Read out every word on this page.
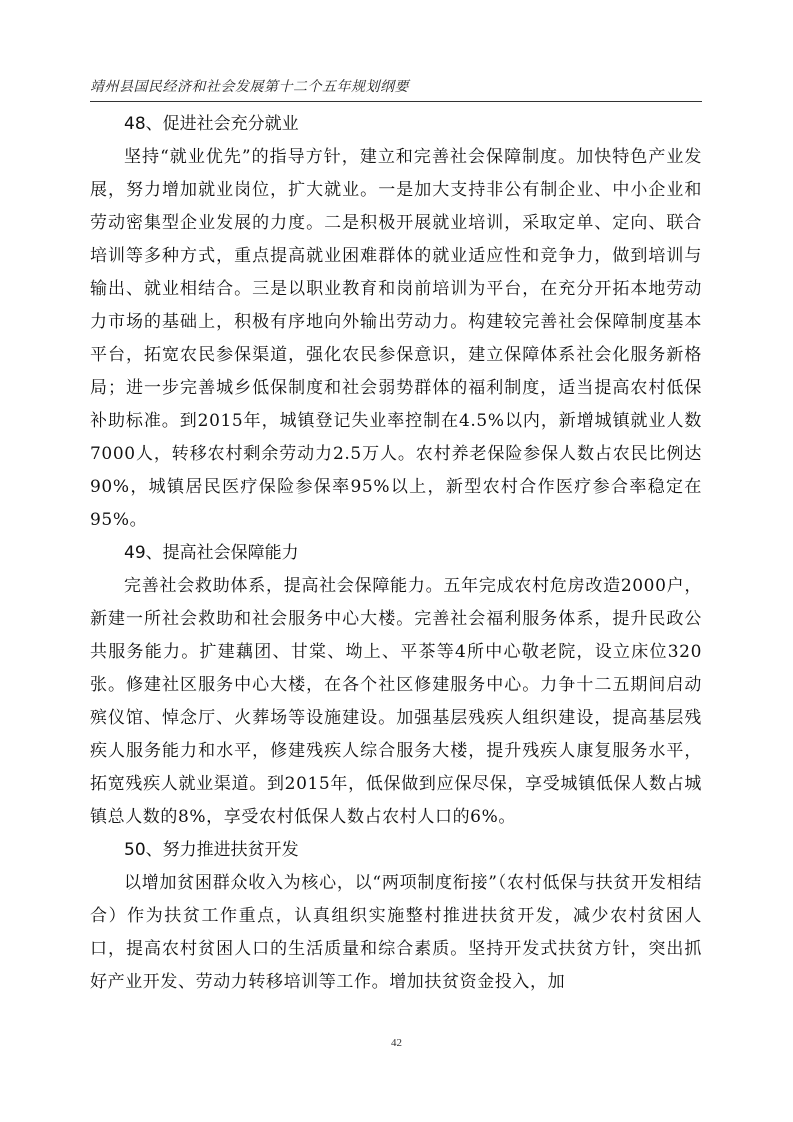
靖州县国民经济和社会发展第十二个五年规划纲要

48、促进社会充分就业

坚持“就业优先”的指导方针，建立和完善社会保障制度。加快特色产业发展，努力增加就业岗位，扩大就业。一是加大支持非公有制企业、中小企业和劳动密集型企业发展的力度。二是积极开展就业培训，采取定单、定向、联合培训等多种方式，重点提高就业困难群体的就业适应性和竞争力，做到培训与输出、就业相结合。三是以职业教育和岗前培训为平台，在充分开拓本地劳动力市场的基础上，积极有序地向外输出劳动力。构建较完善社会保障制度基本平台，拓宽农民参保渠道，强化农民参保意识，建立保障体系社会化服务新格局；进一步完善城乡低保制度和社会弱势群体的福利制度，适当提高农村低保补助标准。到2015年，城镇登记失业率控制在4.5%以内，新增城镇就业人数7000人，转移农村剩余劳动力2.5万人。农村养老保险参保人数占农民比例达90%，城镇居民医疗保险参保率95%以上，新型农村合作医疗参合率稳定在95%。

49、提高社会保障能力

完善社会救助体系，提高社会保障能力。五年完成农村危房改造2000户，新建一所社会救助和社会服务中心大楼。完善社会福利服务体系，提升民政公共服务能力。扩建藕团、甘棠、坳上、平茶等4所中心敬老院，设立床位320张。修建社区服务中心大楼，在各个社区修建服务中心。力争十二五期间启动殡仪馆、悼念厅、火葬场等设施建设。加强基层残疾人组织建设，提高基层残疾人服务能力和水平，修建残疾人综合服务大楼，提升残疾人康复服务水平，拓宽残疾人就业渠道。到2015年，低保做到应保尽保，享受城镇低保人数占城镇总人数的8%，享受农村低保人数占农村人口的6%。

50、努力推进扶贫开发

以增加贫困群众收入为核心，以“两项制度衔接”（农村低保与扶贫开发相结合）作为扶贫工作重点，认真组织实施整村推进扶贫开发，减少农村贫困人口，提高农村贫困人口的生活质量和综合素质。坚持开发式扶贫方针，突出抓好产业开发、劳动力转移培训等工作。增加扶贫资金投入，加

42
